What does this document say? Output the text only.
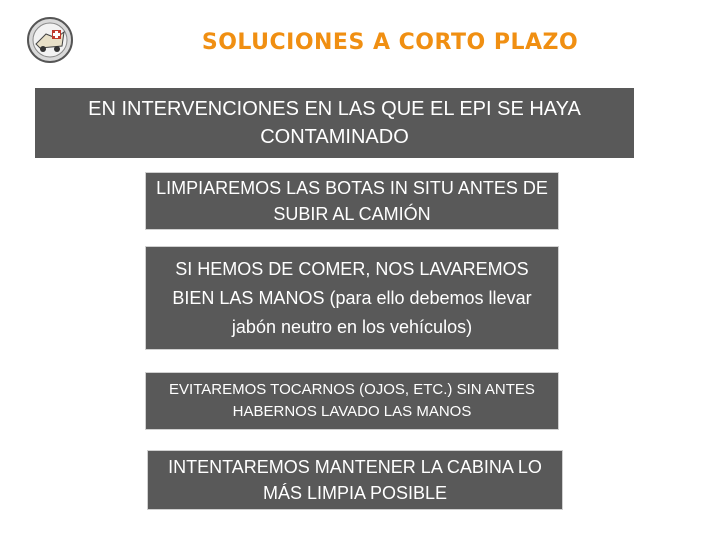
SOLUCIONES A CORTO PLAZO
EN INTERVENCIONES EN LAS QUE EL EPI SE HAYA CONTAMINADO
LIMPIAREMOS LAS BOTAS IN SITU ANTES DE SUBIR AL CAMIÓN
SI HEMOS DE COMER, NOS LAVAREMOS BIEN LAS MANOS (para ello debemos llevar jabón neutro en los vehículos)
EVITAREMOS TOCARNOS (OJOS, ETC.) SIN ANTES HABERNOS LAVADO LAS MANOS
INTENTAREMOS MANTENER LA CABINA LO MÁS LIMPIA POSIBLE
